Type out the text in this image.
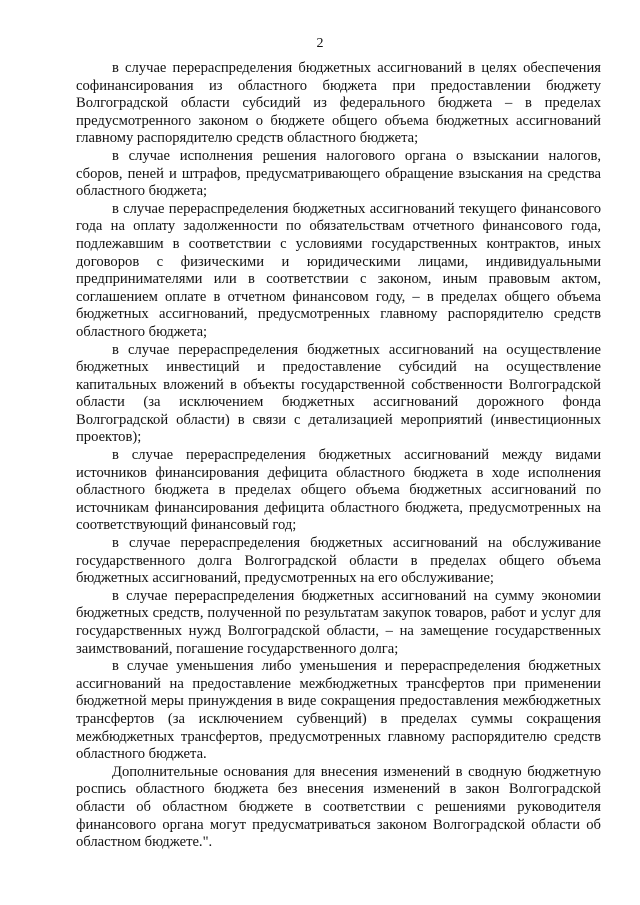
2

в случае перераспределения бюджетных ассигнований в целях обеспечения софинансирования из областного бюджета при предоставлении бюджету Волгоградской области субсидий из федерального бюджета – в пределах предусмотренного законом о бюджете общего объема бюджетных ассигнований главному распорядителю средств областного бюджета;

в случае исполнения решения налогового органа о взыскании налогов, сборов, пеней и штрафов, предусматривающего обращение взыскания на средства областного бюджета;

в случае перераспределения бюджетных ассигнований текущего финансового года на оплату задолженности по обязательствам отчетного финансового года, подлежавшим в соответствии с условиями государственных контрактов, иных договоров с физическими и юридическими лицами, индивидуальными предпринимателями или в соответствии с законом, иным правовым актом, соглашением оплате в отчетном финансовом году, – в пределах общего объема бюджетных ассигнований, предусмотренных главному распорядителю средств областного бюджета;

в случае перераспределения бюджетных ассигнований на осуществление бюджетных инвестиций и предоставление субсидий на осуществление капитальных вложений в объекты государственной собственности Волгоградской области (за исключением бюджетных ассигнований дорожного фонда Волгоградской области) в связи с детализацией мероприятий (инвестиционных проектов);

в случае перераспределения бюджетных ассигнований между видами источников финансирования дефицита областного бюджета в ходе исполнения областного бюджета в пределах общего объема бюджетных ассигнований по источникам финансирования дефицита областного бюджета, предусмотренных на соответствующий финансовый год;

в случае перераспределения бюджетных ассигнований на обслуживание государственного долга Волгоградской области в пределах общего объема бюджетных ассигнований, предусмотренных на его обслуживание;

в случае перераспределения бюджетных ассигнований на сумму экономии бюджетных средств, полученной по результатам закупок товаров, работ и услуг для государственных нужд Волгоградской области, – на замещение государственных заимствований, погашение государственного долга;

в случае уменьшения либо уменьшения и перераспределения бюджетных ассигнований на предоставление межбюджетных трансфертов при применении бюджетной меры принуждения в виде сокращения предоставления межбюджетных трансфертов (за исключением субвенций) в пределах суммы сокращения межбюджетных трансфертов, предусмотренных главному распорядителю средств областного бюджета.

Дополнительные основания для внесения изменений в сводную бюджетную роспись областного бюджета без внесения изменений в закон Волгоградской области об областном бюджете в соответствии с решениями руководителя финансового органа могут предусматриваться законом Волгоградской области об областном бюджете.".
